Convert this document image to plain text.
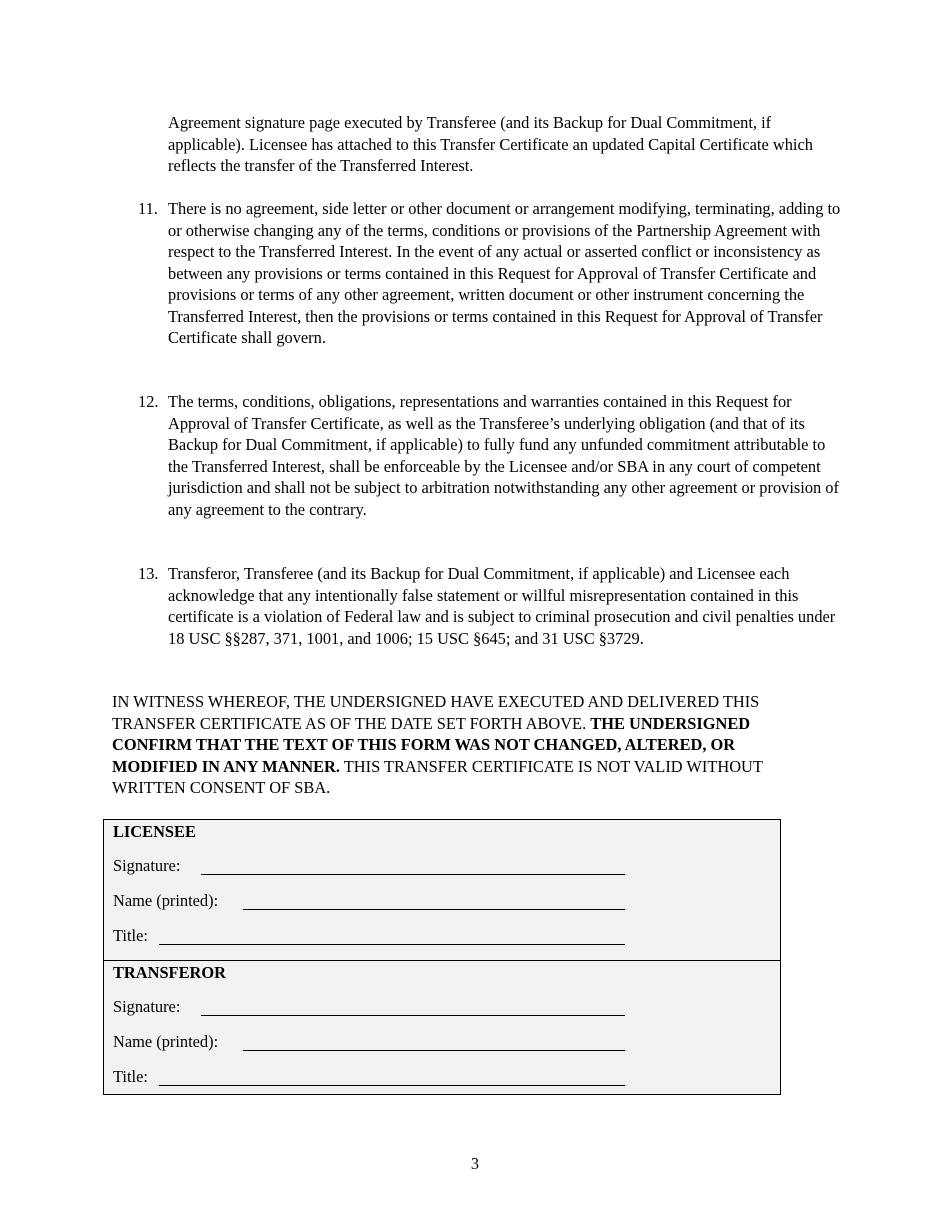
Agreement signature page executed by Transferee (and its Backup for Dual Commitment, if applicable). Licensee has attached to this Transfer Certificate an updated Capital Certificate which reflects the transfer of the Transferred Interest.

11. There is no agreement, side letter or other document or arrangement modifying, terminating, adding to or otherwise changing any of the terms, conditions or provisions of the Partnership Agreement with respect to the Transferred Interest. In the event of any actual or asserted conflict or inconsistency as between any provisions or terms contained in this Request for Approval of Transfer Certificate and provisions or terms of any other agreement, written document or other instrument concerning the Transferred Interest, then the provisions or terms contained in this Request for Approval of Transfer Certificate shall govern.

12. The terms, conditions, obligations, representations and warranties contained in this Request for Approval of Transfer Certificate, as well as the Transferee’s underlying obligation (and that of its Backup for Dual Commitment, if applicable) to fully fund any unfunded commitment attributable to the Transferred Interest, shall be enforceable by the Licensee and/or SBA in any court of competent jurisdiction and shall not be subject to arbitration notwithstanding any other agreement or provision of any agreement to the contrary.

13. Transferor, Transferee (and its Backup for Dual Commitment, if applicable) and Licensee each acknowledge that any intentionally false statement or willful misrepresentation contained in this certificate is a violation of Federal law and is subject to criminal prosecution and civil penalties under 18 USC §§287, 371, 1001, and 1006; 15 USC §645; and 31 USC §3729.

IN WITNESS WHEREOF, THE UNDERSIGNED HAVE EXECUTED AND DELIVERED THIS TRANSFER CERTIFICATE AS OF THE DATE SET FORTH ABOVE. THE UNDERSIGNED CONFIRM THAT THE TEXT OF THIS FORM WAS NOT CHANGED, ALTERED, OR MODIFIED IN ANY MANNER. THIS TRANSFER CERTIFICATE IS NOT VALID WITHOUT WRITTEN CONSENT OF SBA.

LICENSEE
Signature:
Name (printed):
Title:
TRANSFEROR
Signature:
Name (printed):
Title:
3
